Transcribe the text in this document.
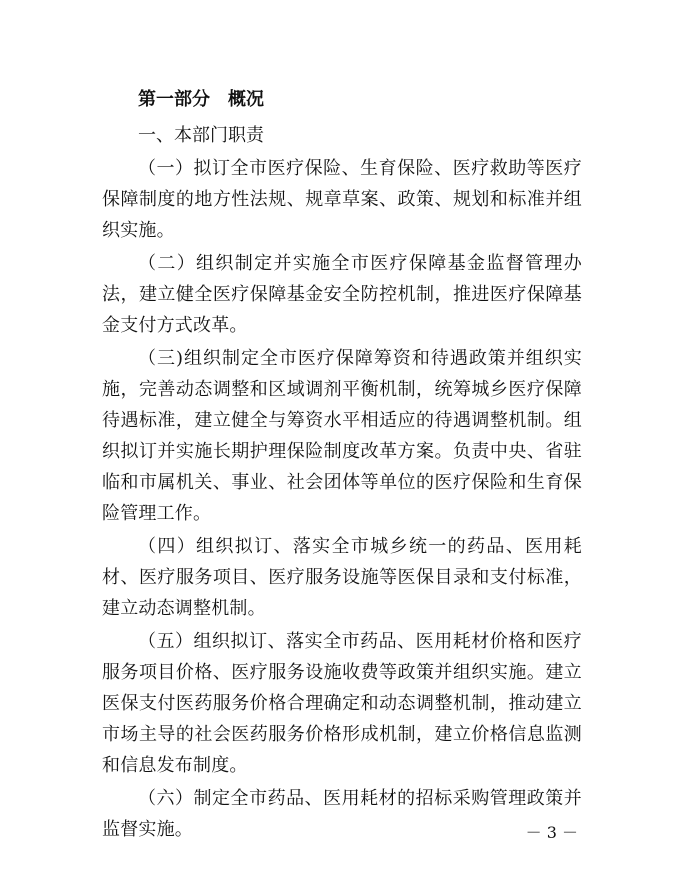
第一部分　概况
一、本部门职责

（一）拟订全市医疗保险、生育保险、医疗救助等医疗保障制度的地方性法规、规章草案、政策、规划和标准并组织实施。

（二）组织制定并实施全市医疗保障基金监督管理办法，建立健全医疗保障基金安全防控机制，推进医疗保障基金支付方式改革。

（三)组织制定全市医疗保障筹资和待遇政策并组织实施，完善动态调整和区域调剂平衡机制，统筹城乡医疗保障待遇标准，建立健全与筹资水平相适应的待遇调整机制。组织拟订并实施长期护理保险制度改革方案。负责中央、省驻临和市属机关、事业、社会团体等单位的医疗保险和生育保险管理工作。

（四）组织拟订、落实全市城乡统一的药品、医用耗材、医疗服务项目、医疗服务设施等医保目录和支付标准，建立动态调整机制。

（五）组织拟订、落实全市药品、医用耗材价格和医疗服务项目价格、医疗服务设施收费等政策并组织实施。建立医保支付医药服务价格合理确定和动态调整机制，推动建立市场主导的社会医药服务价格形成机制，建立价格信息监测和信息发布制度。

（六）制定全市药品、医用耗材的招标采购管理政策并监督实施。	－ 3 －
